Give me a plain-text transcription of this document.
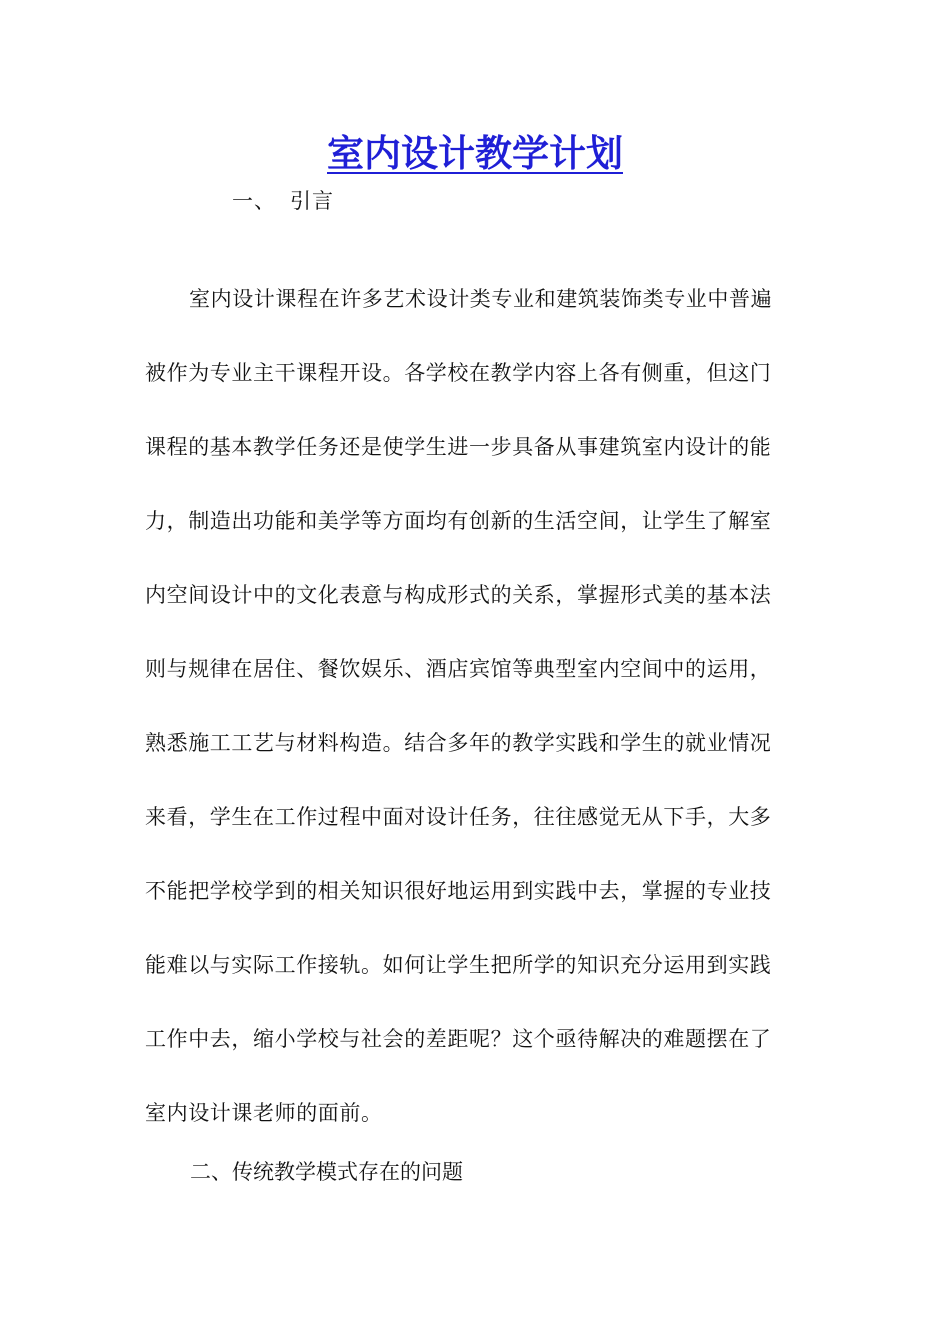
室内设计教学计划
一、 引言
室内设计课程在许多艺术设计类专业和建筑装饰类专业中普遍
被作为专业主干课程开设。各学校在教学内容上各有侧重，但这门
课程的基本教学任务还是使学生进一步具备从事建筑室内设计的能
力，制造出功能和美学等方面均有创新的生活空间，让学生了解室
内空间设计中的文化表意与构成形式的关系，掌握形式美的基本法
则与规律在居住、餐饮娱乐、酒店宾馆等典型室内空间中的运用，
熟悉施工工艺与材料构造。结合多年的教学实践和学生的就业情况
来看，学生在工作过程中面对设计任务，往往感觉无从下手，大多
不能把学校学到的相关知识很好地运用到实践中去，掌握的专业技
能难以与实际工作接轨。如何让学生把所学的知识充分运用到实践
工作中去，缩小学校与社会的差距呢？这个亟待解决的难题摆在了
室内设计课老师的面前。
二、传统教学模式存在的问题
